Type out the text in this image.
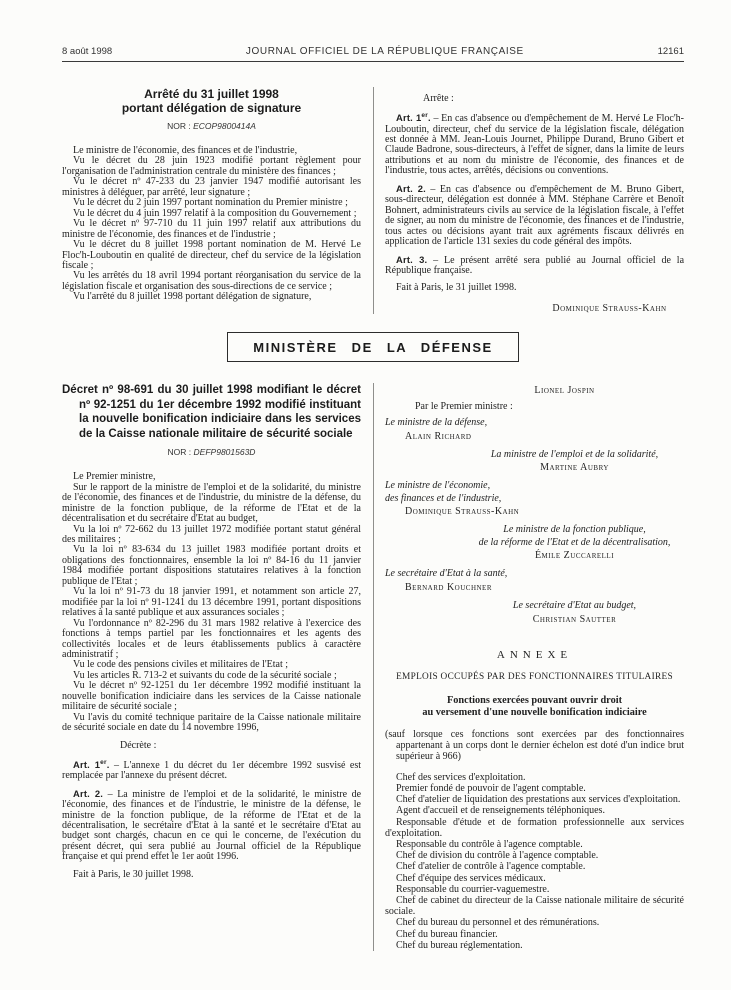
8 août 1998	JOURNAL OFFICIEL DE LA RÉPUBLIQUE FRANÇAISE	12161
Arrêté du 31 juillet 1998
portant délégation de signature

NOR : ECOP9800414A

Le ministre de l'économie, des finances et de l'industrie,

Vu le décret du 28 juin 1923 modifié portant règlement pour l'organisation de l'administration centrale du ministère des finances ;

Vu le décret nº 47-233 du 23 janvier 1947 modifié autorisant les ministres à déléguer, par arrêté, leur signature ;

Vu le décret du 2 juin 1997 portant nomination du Premier ministre ;

Vu le décret du 4 juin 1997 relatif à la composition du Gouvernement ;

Vu le décret nº 97-710 du 11 juin 1997 relatif aux attributions du ministre de l'économie, des finances et de l'industrie ;

Vu le décret du 8 juillet 1998 portant nomination de M. Hervé Le Floc'h-Louboutin en qualité de directeur, chef du service de la législation fiscale ;

Vu les arrêtés du 18 avril 1994 portant réorganisation du service de la législation fiscale et organisation des sous-directions de ce service ;

Vu l'arrêté du 8 juillet 1998 portant délégation de signature,

Arrête :

Art. 1er. – En cas d'absence ou d'empêchement de M. Hervé Le Floc'h-Louboutin, directeur, chef du service de la législation fiscale, délégation est donnée à MM. Jean-Louis Journet, Philippe Durand, Bruno Gibert et Claude Badrone, sous-directeurs, à l'effet de signer, dans la limite de leurs attributions et au nom du ministre de l'économie, des finances et de l'industrie, tous actes, arrêtés, décisions ou conventions.

Art. 2. – En cas d'absence ou d'empêchement de M. Bruno Gibert, sous-directeur, délégation est donnée à MM. Stéphane Carrère et Benoît Bohnert, administrateurs civils au service de la législation fiscale, à l'effet de signer, au nom du ministre de l'économie, des finances et de l'industrie, tous actes ou décisions ayant trait aux agréments fiscaux délivrés en application de l'article 131 sexies du code général des impôts.

Art. 3. – Le présent arrêté sera publié au Journal officiel de la République française.

Fait à Paris, le 31 juillet 1998.

Dominique Strauss-Kahn

MINISTÈRE DE LA DÉFENSE
Décret nº 98-691 du 30 juillet 1998 modifiant le décret nº 92-1251 du 1er décembre 1992 modifié instituant la nouvelle bonification indiciaire dans les services de la Caisse nationale militaire de sécurité sociale

NOR : DEFP9801563D

Le Premier ministre,

Sur le rapport de la ministre de l'emploi et de la solidarité, du ministre de l'économie, des finances et de l'industrie, du ministre de la défense, du ministre de la fonction publique, de la réforme de l'Etat et de la décentralisation et du secrétaire d'Etat au budget,

Vu la loi nº 72-662 du 13 juillet 1972 modifiée portant statut général des militaires ;

Vu la loi nº 83-634 du 13 juillet 1983 modifiée portant droits et obligations des fonctionnaires, ensemble la loi nº 84-16 du 11 janvier 1984 modifiée portant dispositions statutaires relatives à la fonction publique de l'Etat ;

Vu la loi nº 91-73 du 18 janvier 1991, et notamment son article 27, modifiée par la loi nº 91-1241 du 13 décembre 1991, portant dispositions relatives à la santé publique et aux assurances sociales ;

Vu l'ordonnance nº 82-296 du 31 mars 1982 relative à l'exercice des fonctions à temps partiel par les fonctionnaires et les agents des collectivités locales et de leurs établissements publics à caractère administratif ;

Vu le code des pensions civiles et militaires de l'Etat ;

Vu les articles R. 713-2 et suivants du code de la sécurité sociale ;

Vu le décret nº 92-1251 du 1er décembre 1992 modifié instituant la nouvelle bonification indiciaire dans les services de la Caisse nationale militaire de sécurité sociale ;

Vu l'avis du comité technique paritaire de la Caisse nationale militaire de sécurité sociale en date du 14 novembre 1996,

Décrète :

Art. 1er. – L'annexe 1 du décret du 1er décembre 1992 susvisé est remplacée par l'annexe du présent décret.

Art. 2. – La ministre de l'emploi et de la solidarité, le ministre de l'économie, des finances et de l'industrie, le ministre de la défense, le ministre de la fonction publique, de la réforme de l'Etat et de la décentralisation, le secrétaire d'Etat à la santé et le secrétaire d'Etat au budget sont chargés, chacun en ce qui le concerne, de l'exécution du présent décret, qui sera publié au Journal officiel de la République française et qui prend effet le 1er août 1996.

Fait à Paris, le 30 juillet 1998.

Lionel Jospin

Par le Premier ministre :

Le ministre de la défense,

Alain Richard

La ministre de l'emploi et de la solidarité,

Martine Aubry

Le ministre de l'économie,

des finances et de l'industrie,

Dominique Strauss-Kahn

Le ministre de la fonction publique,

de la réforme de l'Etat et de la décentralisation,

Émile Zuccarelli

Le secrétaire d'Etat à la santé,

Bernard Kouchner

Le secrétaire d'Etat au budget,

Christian Sautter

ANNEXE

EMPLOIS OCCUPÉS PAR DES FONCTIONNAIRES TITULAIRES

Fonctions exercées pouvant ouvrir droit
au versement d'une nouvelle bonification indiciaire

(sauf lorsque ces fonctions sont exercées par des fonctionnaires appartenant à un corps dont le dernier échelon est doté d'un indice brut supérieur à 966)

Chef des services d'exploitation.

Premier fondé de pouvoir de l'agent comptable.

Chef d'atelier de liquidation des prestations aux services d'exploitation.

Agent d'accueil et de renseignements téléphoniques.

Responsable d'étude et de formation professionnelle aux services d'exploitation.

Responsable du contrôle à l'agence comptable.

Chef de division du contrôle à l'agence comptable.

Chef d'atelier de contrôle à l'agence comptable.

Chef d'équipe des services médicaux.

Responsable du courrier-vaguemestre.

Chef de cabinet du directeur de la Caisse nationale militaire de sécurité sociale.

Chef du bureau du personnel et des rémunérations.

Chef du bureau financier.

Chef du bureau réglementation.
